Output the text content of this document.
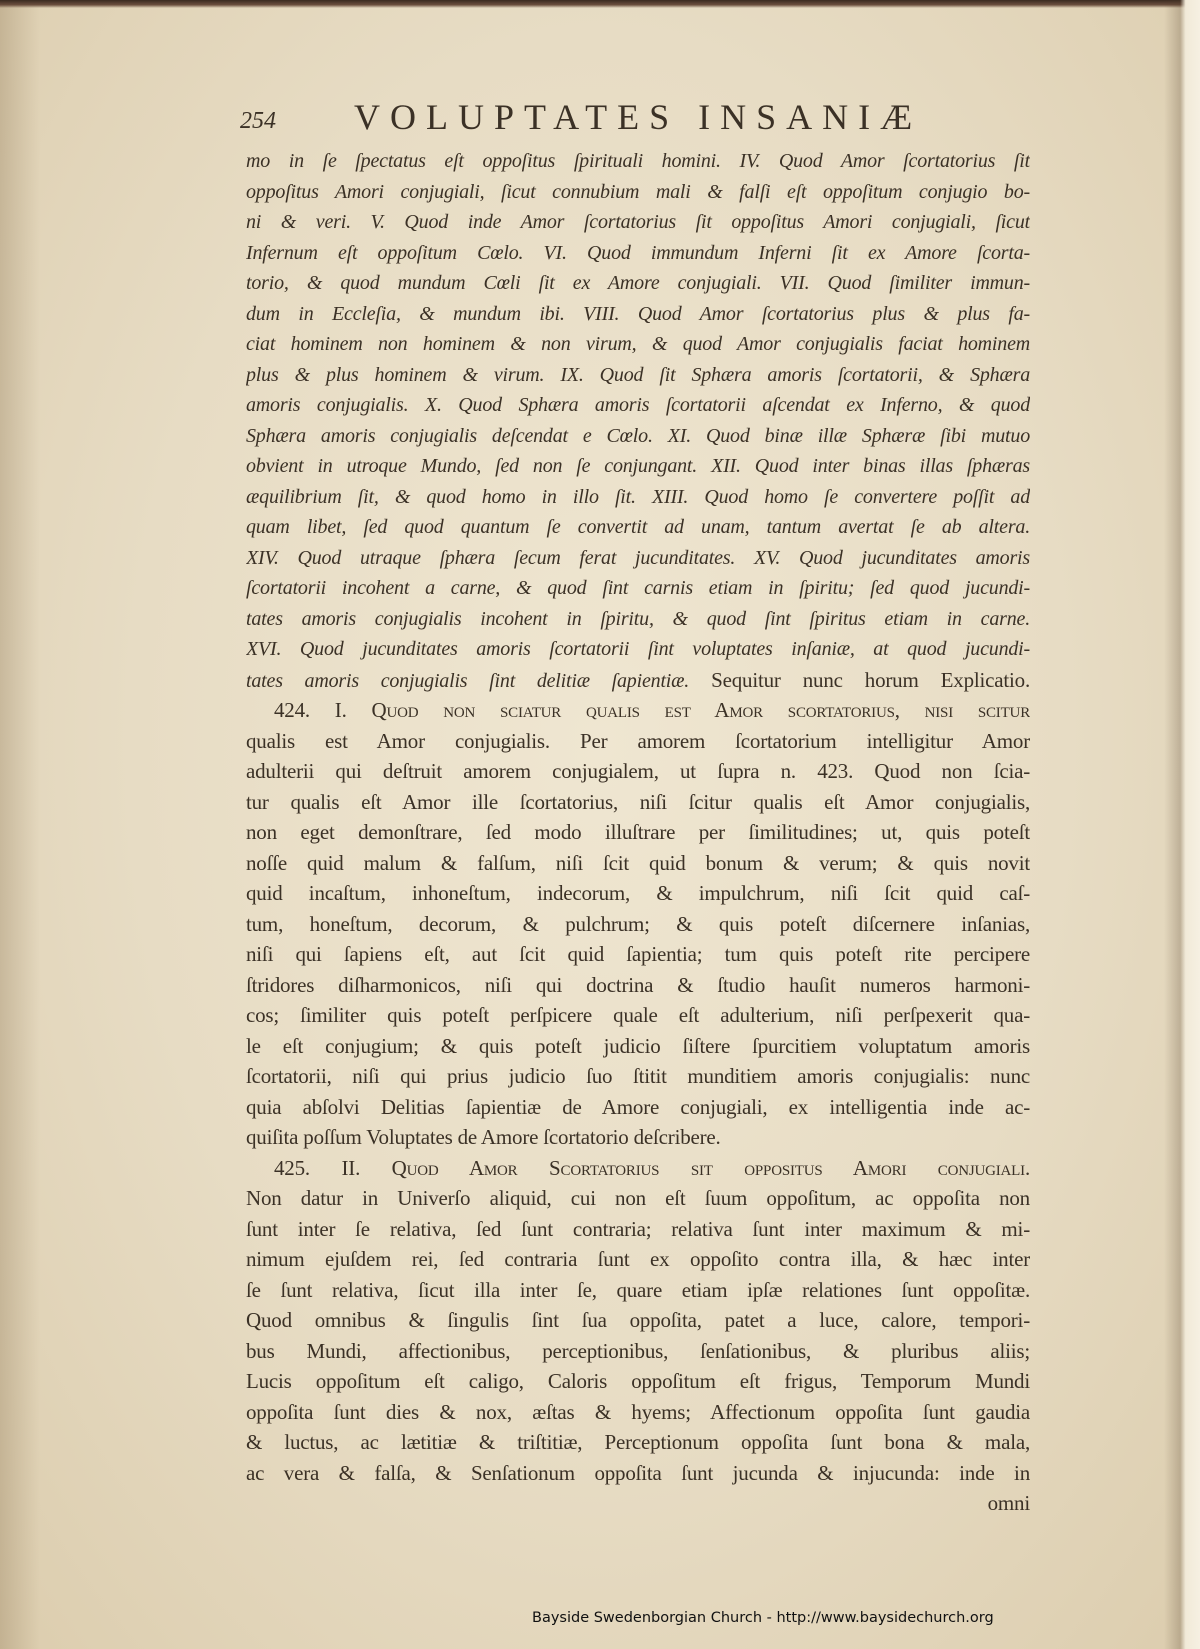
254 VOLUPTATES INSANIÆ
mo in ſe ſpectatus eſt oppoſitus ſpirituali homini. IV. Quod Amor ſcortatorius ſit
oppoſitus Amori conjugiali, ſicut connubium mali & falſi eſt oppoſitum conjugio bo-
ni & veri. V. Quod inde Amor ſcortatorius ſit oppoſitus Amori conjugiali, ſicut
Infernum eſt oppoſitum Cœlo. VI. Quod immundum Inferni ſit ex Amore ſcorta-
torio, & quod mundum Cœli ſit ex Amore conjugiali. VII. Quod ſimiliter immun-
dum in Eccleſia, & mundum ibi. VIII. Quod Amor ſcortatorius plus & plus fa-
ciat hominem non hominem & non virum, & quod Amor conjugialis faciat hominem
plus & plus hominem & virum. IX. Quod ſit Sphæra amoris ſcortatorii, & Sphæra
amoris conjugialis. X. Quod Sphæra amoris ſcortatorii aſcendat ex Inferno, & quod
Sphæra amoris conjugialis deſcendat e Cœlo. XI. Quod binæ illæ Sphæræ ſibi mutuo
obvient in utroque Mundo, ſed non ſe conjungant. XII. Quod inter binas illas ſphæras
æquilibrium ſit, & quod homo in illo ſit. XIII. Quod homo ſe convertere poſſit ad
quam libet, ſed quod quantum ſe convertit ad unam, tantum avertat ſe ab altera.
XIV. Quod utraque ſphæra ſecum ferat jucunditates. XV. Quod jucunditates amoris
ſcortatorii incohent a carne, & quod ſint carnis etiam in ſpiritu; ſed quod jucundi-
tates amoris conjugialis incohent in ſpiritu, & quod ſint ſpiritus etiam in carne.
XVI. Quod jucunditates amoris ſcortatorii ſint voluptates inſaniæ, at quod jucundi-
tates amoris conjugialis ſint delitiæ ſapientiæ. Sequitur nunc horum Explicatio.
424. I. Quod non sciatur qualis est Amor scortatorius, nisi scitur
qualis est Amor conjugialis. Per amorem ſcortatorium intelligitur Amor
adulterii qui deſtruit amorem conjugialem, ut ſupra n. 423. Quod non ſcia-
tur qualis eſt Amor ille ſcortatorius, niſi ſcitur qualis eſt Amor conjugialis,
non eget demonſtrare, ſed modo illuſtrare per ſimilitudines; ut, quis poteſt
noſſe quid malum & falſum, niſi ſcit quid bonum & verum; & quis novit
quid incaſtum, inhoneſtum, indecorum, & impulchrum, niſi ſcit quid caſ-
tum, honeſtum, decorum, & pulchrum; & quis poteſt diſcernere inſanias,
niſi qui ſapiens eſt, aut ſcit quid ſapientia; tum quis poteſt rite percipere
ſtridores diſharmonicos, niſi qui doctrina & ſtudio hauſit numeros harmoni-
cos; ſimiliter quis poteſt perſpicere quale eſt adulterium, niſi perſpexerit qua-
le eſt conjugium; & quis poteſt judicio ſiſtere ſpurcitiem voluptatum amoris
ſcortatorii, niſi qui prius judicio ſuo ſtitit munditiem amoris conjugialis: nunc
quia abſolvi Delitias ſapientiæ de Amore conjugiali, ex intelligentia inde ac-
quiſita poſſum Voluptates de Amore ſcortatorio deſcribere.
425. II. Quod Amor Scortatorius sit oppositus Amori conjugiali.
Non datur in Univerſo aliquid, cui non eſt ſuum oppoſitum, ac oppoſita non
ſunt inter ſe relativa, ſed ſunt contraria; relativa ſunt inter maximum & mi-
nimum ejuſdem rei, ſed contraria ſunt ex oppoſito contra illa, & hæc inter
ſe ſunt relativa, ſicut illa inter ſe, quare etiam ipſæ relationes ſunt oppoſitæ.
Quod omnibus & ſingulis ſint ſua oppoſita, patet a luce, calore, tempori-
bus Mundi, affectionibus, perceptionibus, ſenſationibus, & pluribus aliis;
Lucis oppoſitum eſt caligo, Caloris oppoſitum eſt frigus, Temporum Mundi
oppoſita ſunt dies & nox, æſtas & hyems; Affectionum oppoſita ſunt gaudia
& luctus, ac lætitiæ & triſtitiæ, Perceptionum oppoſita ſunt bona & mala,
ac vera & falſa, & Senſationum oppoſita ſunt jucunda & injucunda: inde in
omni
Bayside Swedenborgian Church - http://www.baysidechurch.org
